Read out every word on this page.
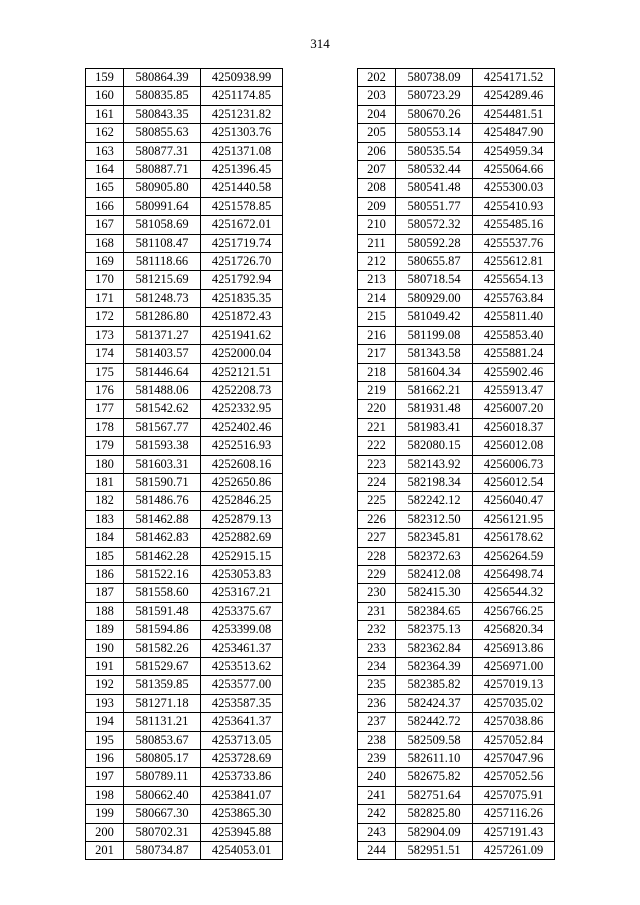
314
159	580864.39	4250938.99
160	580835.85	4251174.85
161	580843.35	4251231.82
162	580855.63	4251303.76
163	580877.31	4251371.08
164	580887.71	4251396.45
165	580905.80	4251440.58
166	580991.64	4251578.85
167	581058.69	4251672.01
168	581108.47	4251719.74
169	581118.66	4251726.70
170	581215.69	4251792.94
171	581248.73	4251835.35
172	581286.80	4251872.43
173	581371.27	4251941.62
174	581403.57	4252000.04
175	581446.64	4252121.51
176	581488.06	4252208.73
177	581542.62	4252332.95
178	581567.77	4252402.46
179	581593.38	4252516.93
180	581603.31	4252608.16
181	581590.71	4252650.86
182	581486.76	4252846.25
183	581462.88	4252879.13
184	581462.83	4252882.69
185	581462.28	4252915.15
186	581522.16	4253053.83
187	581558.60	4253167.21
188	581591.48	4253375.67
189	581594.86	4253399.08
190	581582.26	4253461.37
191	581529.67	4253513.62
192	581359.85	4253577.00
193	581271.18	4253587.35
194	581131.21	4253641.37
195	580853.67	4253713.05
196	580805.17	4253728.69
197	580789.11	4253733.86
198	580662.40	4253841.07
199	580667.30	4253865.30
200	580702.31	4253945.88
201	580734.87	4254053.01
202	580738.09	4254171.52
203	580723.29	4254289.46
204	580670.26	4254481.51
205	580553.14	4254847.90
206	580535.54	4254959.34
207	580532.44	4255064.66
208	580541.48	4255300.03
209	580551.77	4255410.93
210	580572.32	4255485.16
211	580592.28	4255537.76
212	580655.87	4255612.81
213	580718.54	4255654.13
214	580929.00	4255763.84
215	581049.42	4255811.40
216	581199.08	4255853.40
217	581343.58	4255881.24
218	581604.34	4255902.46
219	581662.21	4255913.47
220	581931.48	4256007.20
221	581983.41	4256018.37
222	582080.15	4256012.08
223	582143.92	4256006.73
224	582198.34	4256012.54
225	582242.12	4256040.47
226	582312.50	4256121.95
227	582345.81	4256178.62
228	582372.63	4256264.59
229	582412.08	4256498.74
230	582415.30	4256544.32
231	582384.65	4256766.25
232	582375.13	4256820.34
233	582362.84	4256913.86
234	582364.39	4256971.00
235	582385.82	4257019.13
236	582424.37	4257035.02
237	582442.72	4257038.86
238	582509.58	4257052.84
239	582611.10	4257047.96
240	582675.82	4257052.56
241	582751.64	4257075.91
242	582825.80	4257116.26
243	582904.09	4257191.43
244	582951.51	4257261.09
